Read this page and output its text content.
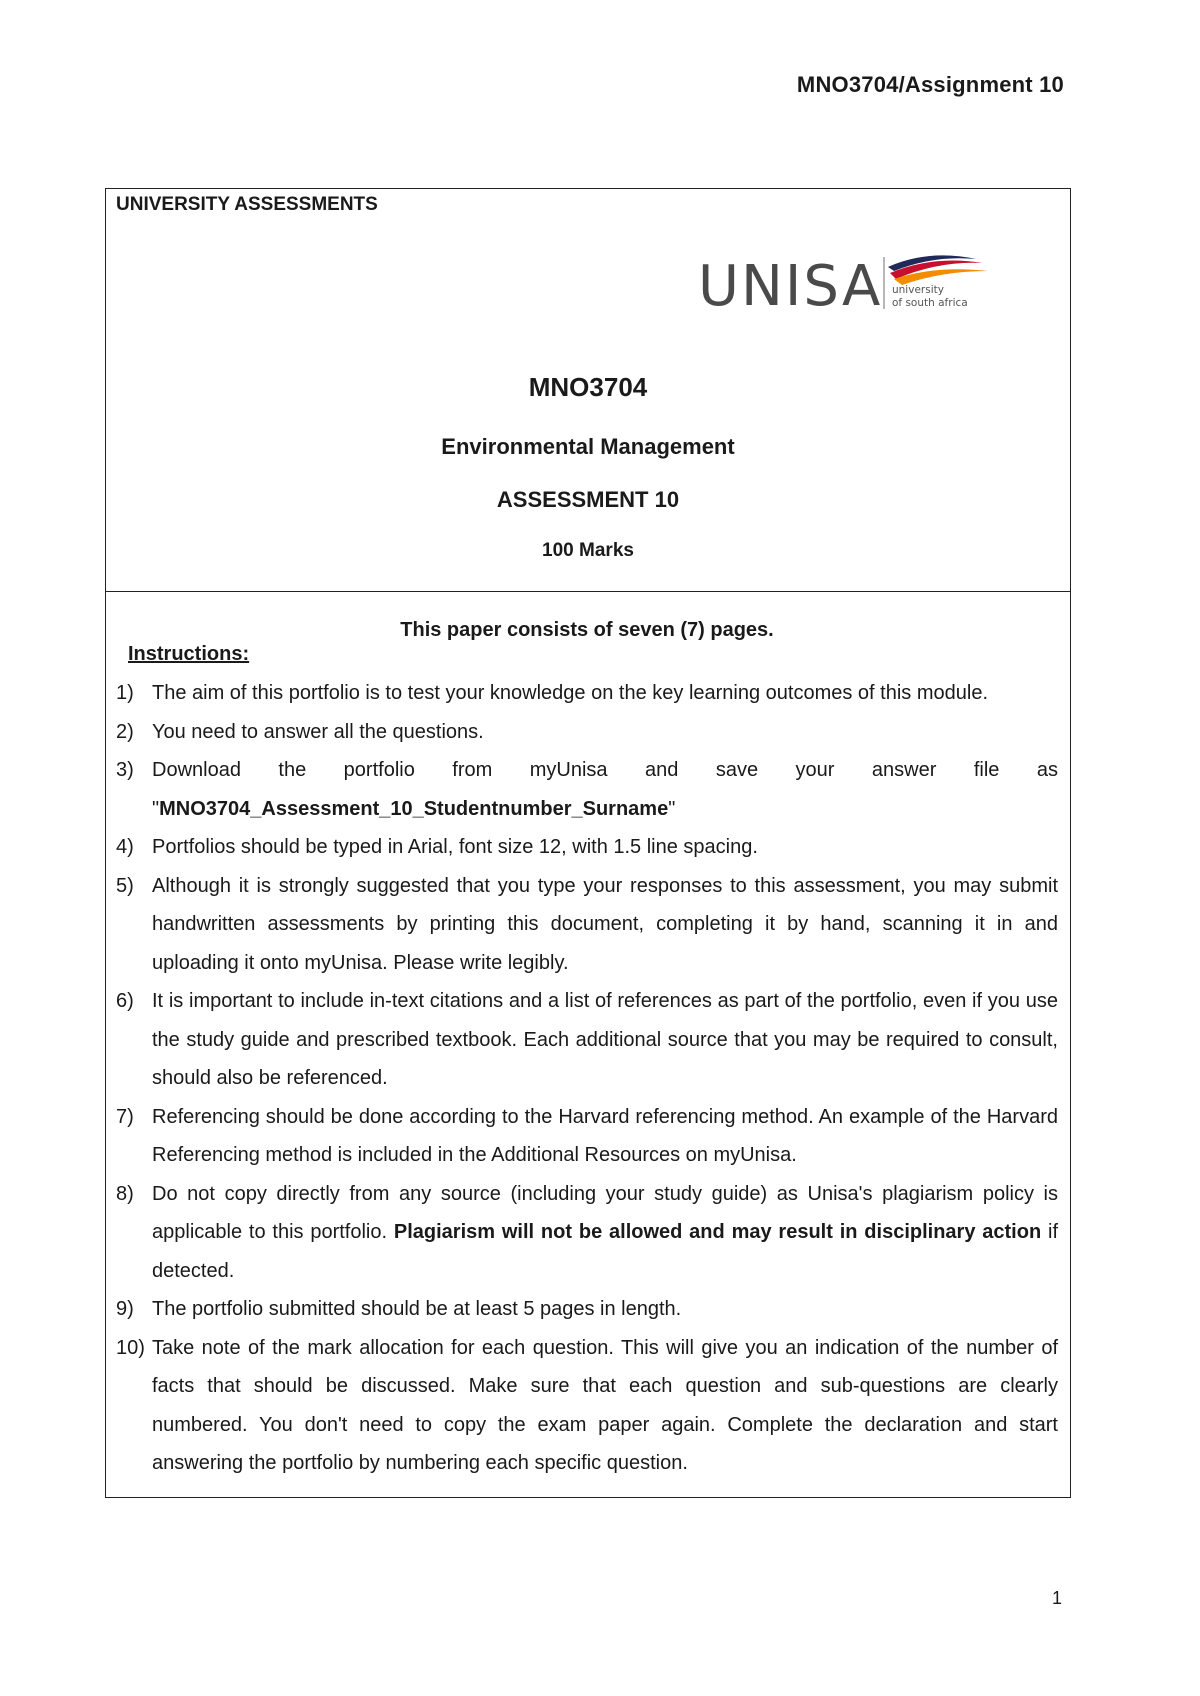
MNO3704/Assignment 10
UNIVERSITY ASSESSMENTS
UNISA university
of south africa
MNO3704
Environmental Management
ASSESSMENT 10
100 Marks

This paper consists of seven (7) pages.

Instructions:

1) The aim of this portfolio is to test your knowledge on the key learning outcomes of this module.
2) You need to answer all the questions.
3) Download the portfolio from myUnisa and save your answer file as "MNO3704_Assessment_10_Studentnumber_Surname"
4) Portfolios should be typed in Arial, font size 12, with 1.5 line spacing.
5) Although it is strongly suggested that you type your responses to this assessment, you may submit handwritten assessments by printing this document, completing it by hand, scanning it in and uploading it onto myUnisa. Please write legibly.
6) It is important to include in-text citations and a list of references as part of the portfolio, even if you use the study guide and prescribed textbook. Each additional source that you may be required to consult, should also be referenced.
7) Referencing should be done according to the Harvard referencing method. An example of the Harvard Referencing method is included in the Additional Resources on myUnisa.
8) Do not copy directly from any source (including your study guide) as Unisa's plagiarism policy is applicable to this portfolio. Plagiarism will not be allowed and may result in disciplinary action if detected.
9) The portfolio submitted should be at least 5 pages in length.
10) Take note of the mark allocation for each question. This will give you an indication of the number of facts that should be discussed. Make sure that each question and sub-questions are clearly numbered. You don't need to copy the exam paper again. Complete the declaration and start answering the portfolio by numbering each specific question.
1
